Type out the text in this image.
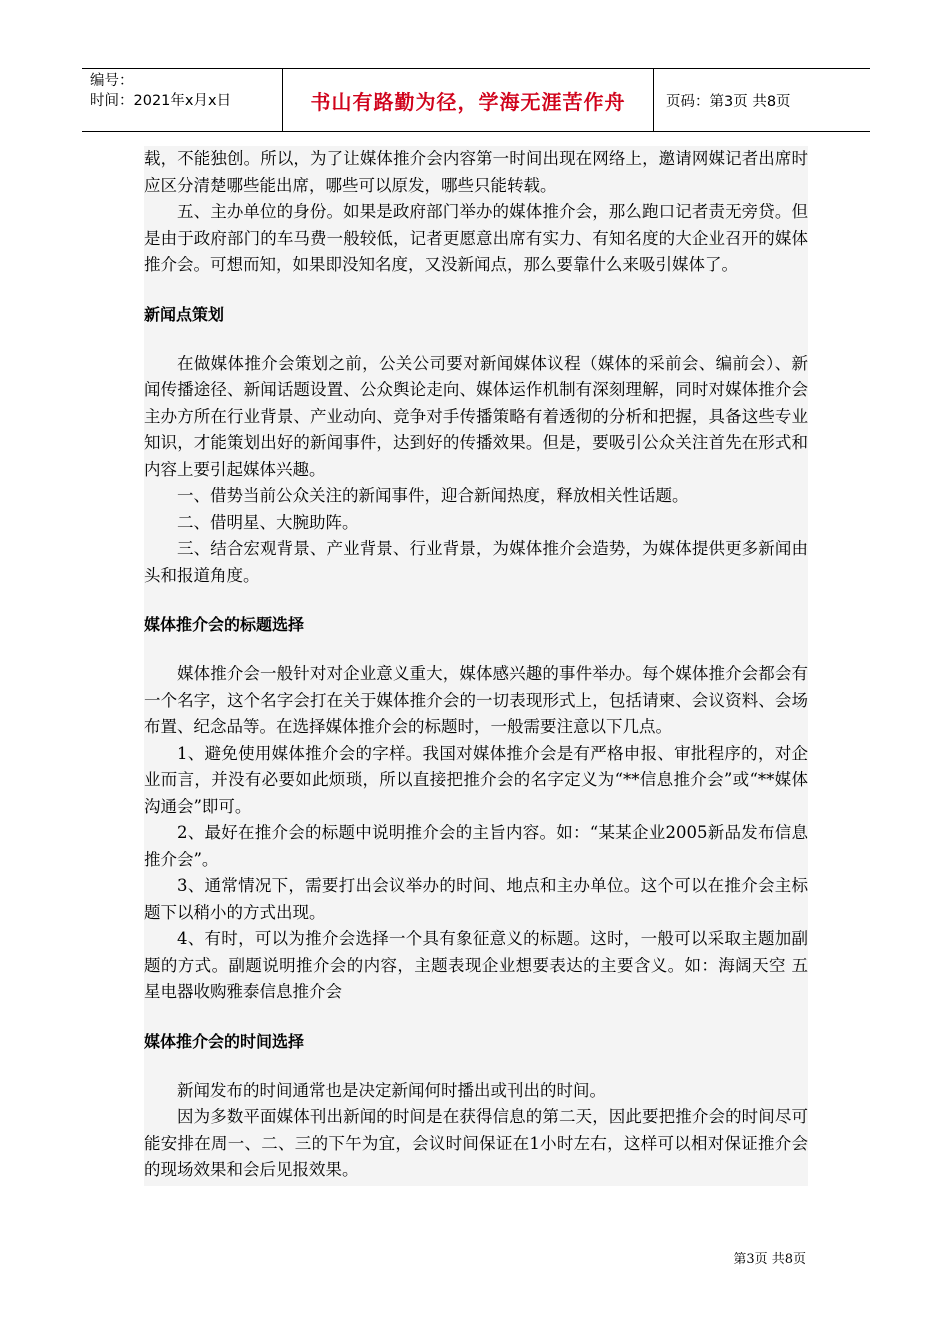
编号：
时间：2021年x月x日	书山有路勤为径，学海无涯苦作舟	页码：第3页 共8页

载，不能独创。所以，为了让媒体推介会内容第一时间出现在网络上，邀请网媒记者出席时应区分清楚哪些能出席，哪些可以原发，哪些只能转载。

五、主办单位的身份。如果是政府部门举办的媒体推介会，那么跑口记者责无旁贷。但是由于政府部门的车马费一般较低，记者更愿意出席有实力、有知名度的大企业召开的媒体推介会。可想而知，如果即没知名度，又没新闻点，那么要靠什么来吸引媒体了。

新闻点策划

在做媒体推介会策划之前，公关公司要对新闻媒体议程（媒体的采前会、编前会）、新闻传播途径、新闻话题设置、公众舆论走向、媒体运作机制有深刻理解，同时对媒体推介会主办方所在行业背景、产业动向、竞争对手传播策略有着透彻的分析和把握，具备这些专业知识，才能策划出好的新闻事件，达到好的传播效果。但是，要吸引公众关注首先在形式和内容上要引起媒体兴趣。

一、借势当前公众关注的新闻事件，迎合新闻热度，释放相关性话题。

二、借明星、大腕助阵。

三、结合宏观背景、产业背景、行业背景，为媒体推介会造势，为媒体提供更多新闻由头和报道角度。

媒体推介会的标题选择

媒体推介会一般针对对企业意义重大，媒体感兴趣的事件举办。每个媒体推介会都会有一个名字，这个名字会打在关于媒体推介会的一切表现形式上，包括请柬、会议资料、会场布置、纪念品等。在选择媒体推介会的标题时，一般需要注意以下几点。

1、避免使用媒体推介会的字样。我国对媒体推介会是有严格申报、审批程序的，对企业而言，并没有必要如此烦琐，所以直接把推介会的名字定义为“**信息推介会”或“**媒体沟通会”即可。

2、最好在推介会的标题中说明推介会的主旨内容。如：“某某企业2005新品发布信息推介会”。

3、通常情况下，需要打出会议举办的时间、地点和主办单位。这个可以在推介会主标题下以稍小的方式出现。

4、有时，可以为推介会选择一个具有象征意义的标题。这时，一般可以采取主题加副题的方式。副题说明推介会的内容，主题表现企业想要表达的主要含义。如：海阔天空 五星电器收购雅泰信息推介会

媒体推介会的时间选择

新闻发布的时间通常也是决定新闻何时播出或刊出的时间。

因为多数平面媒体刊出新闻的时间是在获得信息的第二天，因此要把推介会的时间尽可能安排在周一、二、三的下午为宜，会议时间保证在1小时左右，这样可以相对保证推介会的现场效果和会后见报效果。

第3页 共8页
